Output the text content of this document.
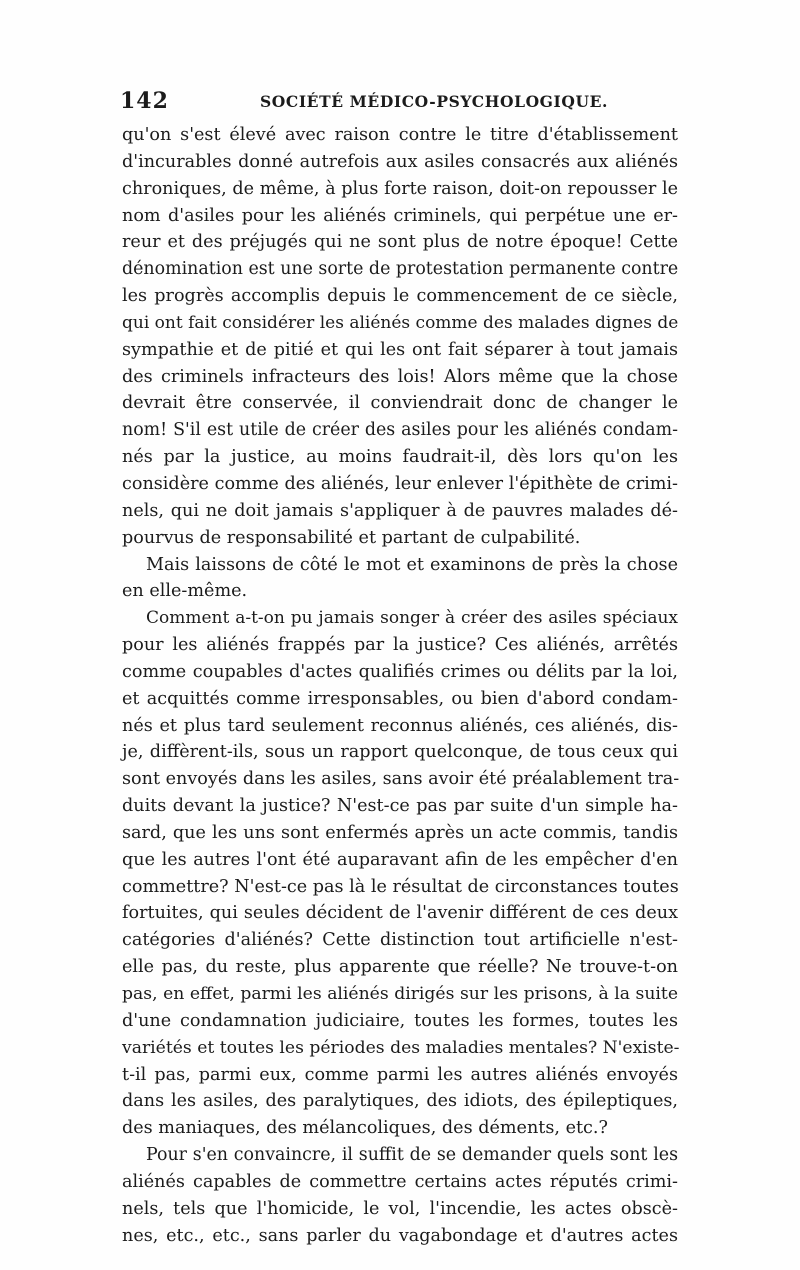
142	SOCIÉTÉ MÉDICO-PSYCHOLOGIQUE.
qu'on s'est élevé avec raison contre le titre d'établissement
d'incurables donné autrefois aux asiles consacrés aux aliénés
chroniques, de même, à plus forte raison, doit-on repousser le
nom d'asiles pour les aliénés criminels, qui perpétue une er-
reur et des préjugés qui ne sont plus de notre époque! Cette
dénomination est une sorte de protestation permanente contre
les progrès accomplis depuis le commencement de ce siècle,
qui ont fait considérer les aliénés comme des malades dignes de
sympathie et de pitié et qui les ont fait séparer à tout jamais
des criminels infracteurs des lois! Alors même que la chose
devrait être conservée, il conviendrait donc de changer le
nom! S'il est utile de créer des asiles pour les aliénés condam-
nés par la justice, au moins faudrait-il, dès lors qu'on les
considère comme des aliénés, leur enlever l'épithète de crimi-
nels, qui ne doit jamais s'appliquer à de pauvres malades dé-
pourvus de responsabilité et partant de culpabilité.
Mais laissons de côté le mot et examinons de près la chose
en elle-même.
Comment a-t-on pu jamais songer à créer des asiles spéciaux
pour les aliénés frappés par la justice? Ces aliénés, arrêtés
comme coupables d'actes qualifiés crimes ou délits par la loi,
et acquittés comme irresponsables, ou bien d'abord condam-
nés et plus tard seulement reconnus aliénés, ces aliénés, dis-
je, diffèrent-ils, sous un rapport quelconque, de tous ceux qui
sont envoyés dans les asiles, sans avoir été préalablement tra-
duits devant la justice? N'est-ce pas par suite d'un simple ha-
sard, que les uns sont enfermés après un acte commis, tandis
que les autres l'ont été auparavant afin de les empêcher d'en
commettre? N'est-ce pas là le résultat de circonstances toutes
fortuites, qui seules décident de l'avenir différent de ces deux
catégories d'aliénés? Cette distinction tout artificielle n'est-
elle pas, du reste, plus apparente que réelle? Ne trouve-t-on
pas, en effet, parmi les aliénés dirigés sur les prisons, à la suite
d'une condamnation judiciaire, toutes les formes, toutes les
variétés et toutes les périodes des maladies mentales? N'existe-
t-il pas, parmi eux, comme parmi les autres aliénés envoyés
dans les asiles, des paralytiques, des idiots, des épileptiques,
des maniaques, des mélancoliques, des déments, etc.?
Pour s'en convaincre, il suffit de se demander quels sont les
aliénés capables de commettre certains actes réputés crimi-
nels, tels que l'homicide, le vol, l'incendie, les actes obscè-
nes, etc., etc., sans parler du vagabondage et d'autres actes
